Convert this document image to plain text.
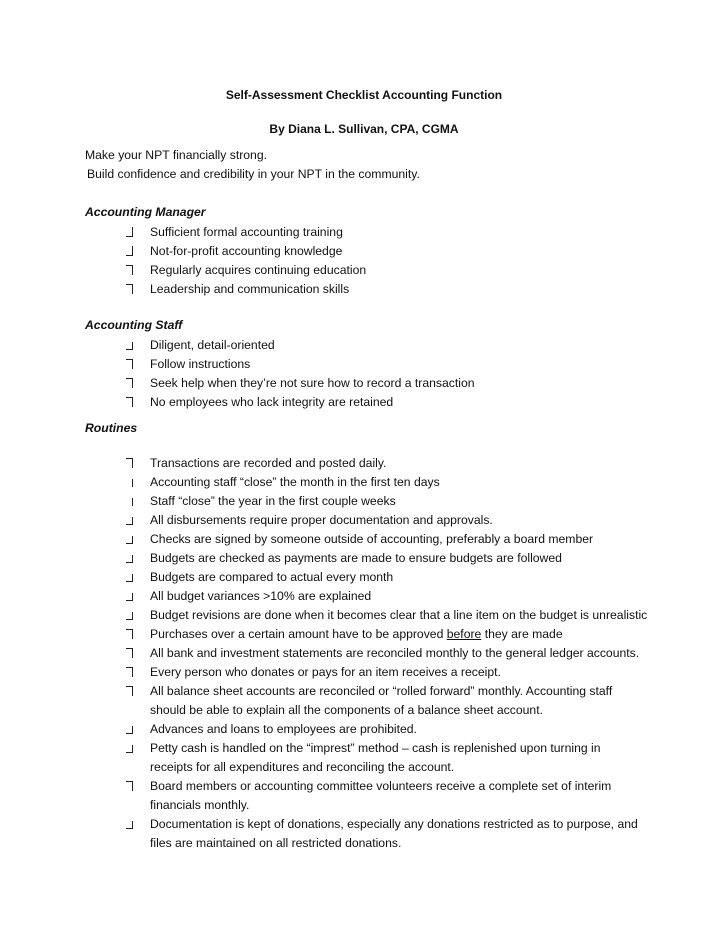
Self-Assessment Checklist Accounting Function
By Diana L. Sullivan, CPA, CGMA
Make your NPT financially strong.
Build confidence and credibility in your NPT in the community.
Accounting Manager
Sufficient formal accounting training
Not-for-profit accounting knowledge
Regularly acquires continuing education
Leadership and communication skills
Accounting Staff
Diligent, detail-oriented
Follow instructions
Seek help when they’re not sure how to record a transaction
No employees who lack integrity are retained
Routines
Transactions are recorded and posted daily.
Accounting staff “close” the month in the first ten days
Staff “close” the year in the first couple weeks
All disbursements require proper documentation and approvals.
Checks are signed by someone outside of accounting, preferably a board member
Budgets are checked as payments are made to ensure budgets are followed
Budgets are compared to actual every month
All budget variances >10% are explained
Budget revisions are done when it becomes clear that a line item on the budget is unrealistic
Purchases over a certain amount have to be approved before they are made
All bank and investment statements are reconciled monthly to the general ledger accounts.
Every person who donates or pays for an item receives a receipt.
All balance sheet accounts are reconciled or “rolled forward” monthly. Accounting staff should be able to explain all the components of a balance sheet account.
Advances and loans to employees are prohibited.
Petty cash is handled on the “imprest” method – cash is replenished upon turning in receipts for all expenditures and reconciling the account.
Board members or accounting committee volunteers receive a complete set of interim financials monthly.
Documentation is kept of donations, especially any donations restricted as to purpose, and files are maintained on all restricted donations.
